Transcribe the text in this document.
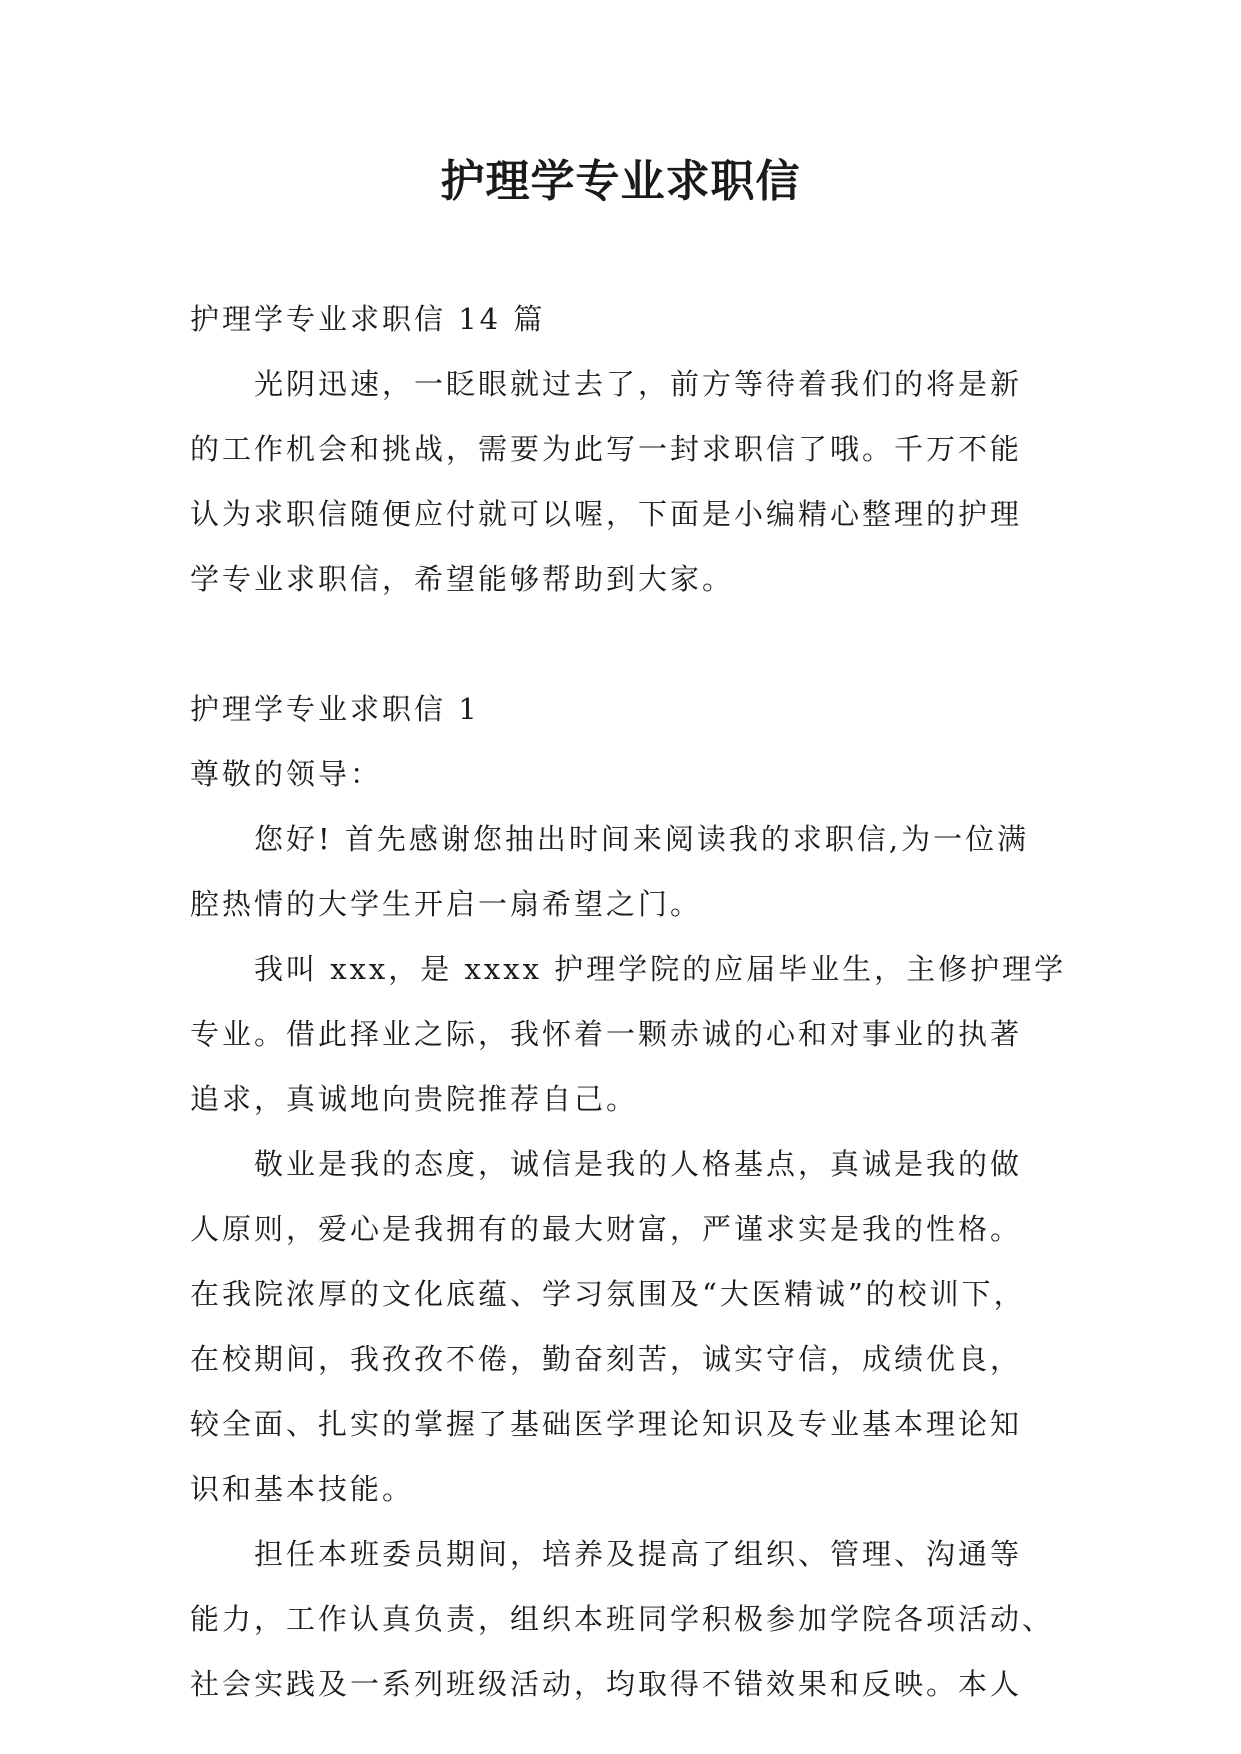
护理学专业求职信
护理学专业求职信 14 篇
光阴迅速，一眨眼就过去了，前方等待着我们的将是新
的工作机会和挑战，需要为此写一封求职信了哦。千万不能
认为求职信随便应付就可以喔，下面是小编精心整理的护理
学专业求职信，希望能够帮助到大家。
护理学专业求职信 1
尊敬的领导：
您好! 首先感谢您抽出时间来阅读我的求职信,为一位满
腔热情的大学生开启一扇希望之门。
我叫 xxx，是 xxxx 护理学院的应届毕业生，主修护理学
专业。借此择业之际，我怀着一颗赤诚的心和对事业的执著
追求，真诚地向贵院推荐自己。
敬业是我的态度，诚信是我的人格基点，真诚是我的做
人原则，爱心是我拥有的最大财富，严谨求实是我的性格。
在我院浓厚的文化底蕴、学习氛围及“大医精诚”的校训下，
在校期间，我孜孜不倦，勤奋刻苦，诚实守信，成绩优良，
较全面、扎实的掌握了基础医学理论知识及专业基本理论知
识和基本技能。
担任本班委员期间，培养及提高了组织、管理、沟通等
能力，工作认真负责，组织本班同学积极参加学院各项活动、
社会实践及一系列班级活动，均取得不错效果和反映。本人
